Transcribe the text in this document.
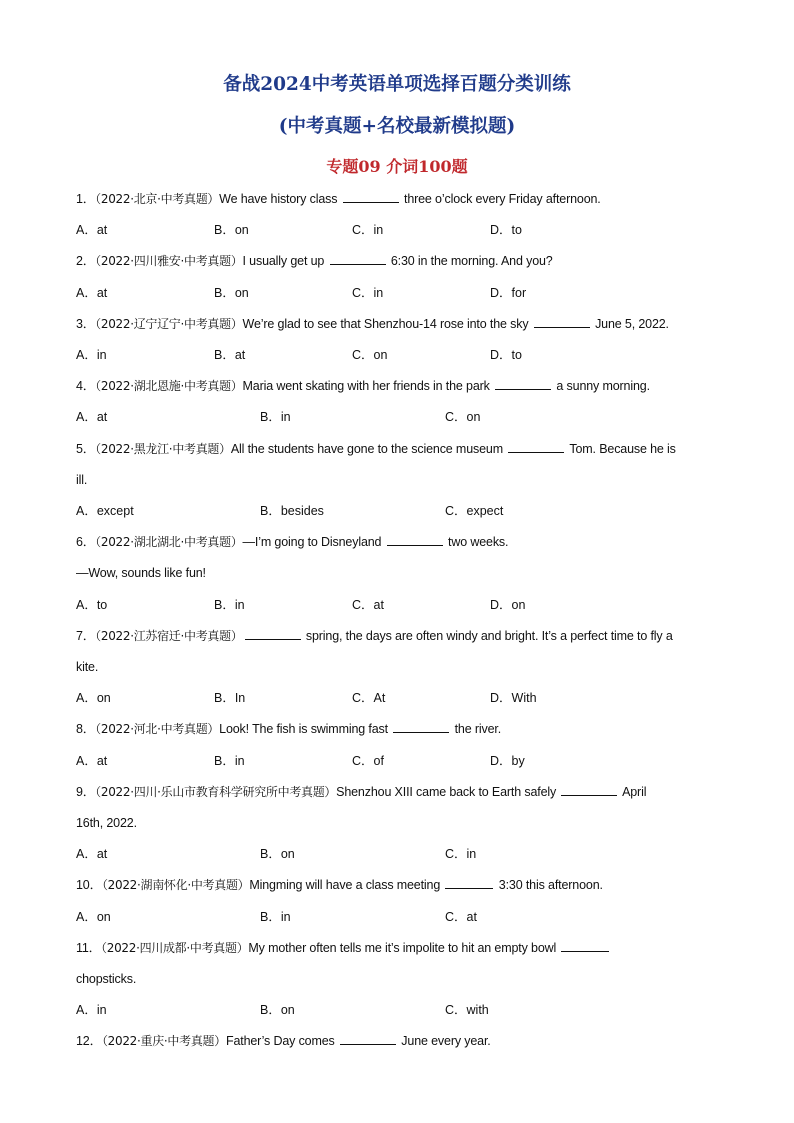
备战2024中考英语单项选择百题分类训练
(中考真题+名校最新模拟题)
专题09 介词100题
1．（2022·北京·中考真题）We have history class	three o’clock every Friday afternoon.
A．at	B．on	C．in	D．to
2．（2022·四川雅安·中考真题）I usually get up	6:30 in the morning. And you?
A．at	B．on	C．in	D．for
3．（2022·辽宁辽宁·中考真题）We’re glad to see that Shenzhou-14 rose into the sky	June 5, 2022.
A．in	B．at	C．on	D．to
4．（2022·湖北恩施·中考真题）Maria went skating with her friends in the park	a sunny morning.
A．at	B．in	C．on
5．（2022·黑龙江·中考真题）All the students have gone to the science museum	Tom. Because he is
ill.
A．except	B．besides	C．expect
6．（2022·湖北湖北·中考真题）—I’m going to Disneyland	two weeks.
—Wow, sounds like fun!
A．to	B．in	C．at	D．on
7．（2022·江苏宿迁·中考真题）	spring, the days are often windy and bright. It’s a perfect time to fly a
kite.
A．on	B．In	C．At	D．With
8．（2022·河北·中考真题）Look! The fish is swimming fast	the river.
A．at	B．in	C．of	D．by
9．（2022·四川·乐山市教育科学研究所中考真题）Shenzhou XIII came back to Earth safely	April
16th, 2022.
A．at	B．on	C．in
10．（2022·湖南怀化·中考真题）Mingming will have a class meeting	3:30 this afternoon.
A．on	B．in	C．at
11．（2022·四川成都·中考真题）My mother often tells me it’s impolite to hit an empty bowl
chopsticks.
A．in	B．on	C．with
12．（2022·重庆·中考真题）Father’s Day comes	June every year.
